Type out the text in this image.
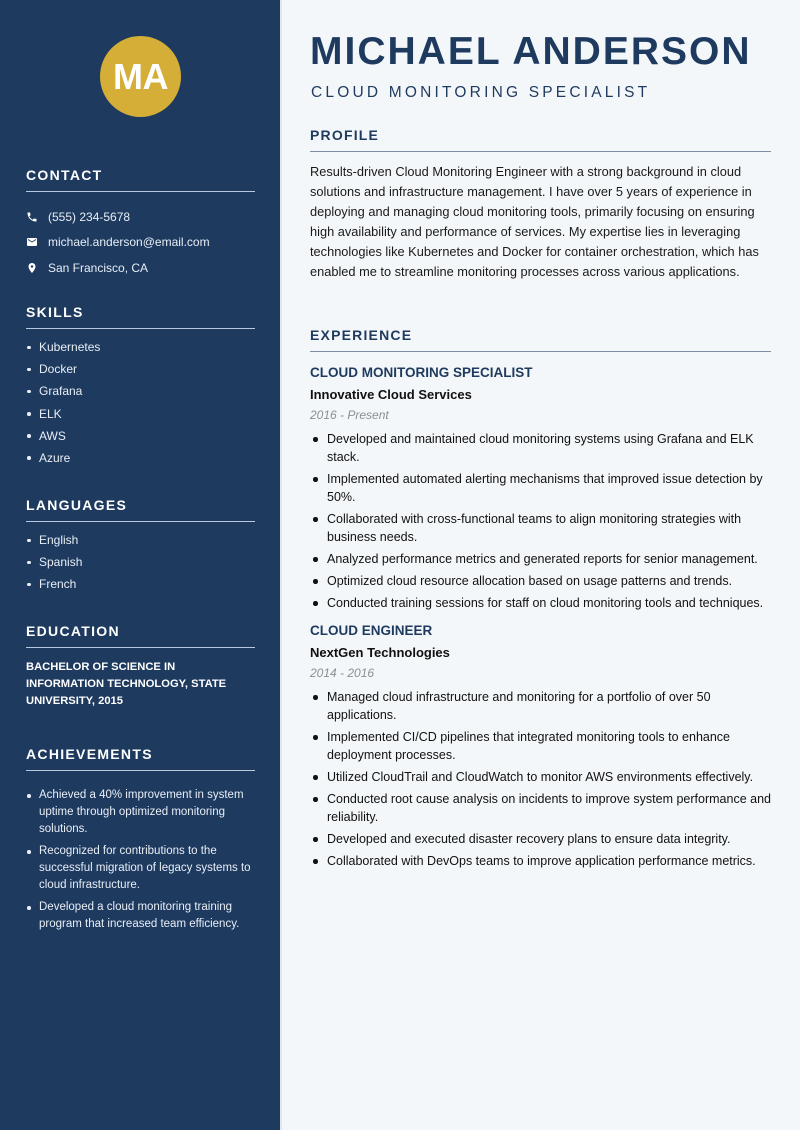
MA
CONTACT
(555) 234-5678
michael.anderson@email.com
San Francisco, CA
SKILLS
Kubernetes
Docker
Grafana
ELK
AWS
Azure
LANGUAGES
English
Spanish
French
EDUCATION

BACHELOR OF SCIENCE IN INFORMATION TECHNOLOGY, STATE UNIVERSITY, 2015

ACHIEVEMENTS
Achieved a 40% improvement in system uptime through optimized monitoring solutions.
Recognized for contributions to the successful migration of legacy systems to cloud infrastructure.
Developed a cloud monitoring training program that increased team efficiency.
MICHAEL ANDERSON
CLOUD MONITORING SPECIALIST
PROFILE

Results-driven Cloud Monitoring Engineer with a strong background in cloud solutions and infrastructure management. I have over 5 years of experience in deploying and managing cloud monitoring tools, primarily focusing on ensuring high availability and performance of services. My expertise lies in leveraging technologies like Kubernetes and Docker for container orchestration, which has enabled me to streamline monitoring processes across various applications.

EXPERIENCE
CLOUD MONITORING SPECIALIST
Innovative Cloud Services
2016 - Present
Developed and maintained cloud monitoring systems using Grafana and ELK stack.
Implemented automated alerting mechanisms that improved issue detection by 50%.
Collaborated with cross-functional teams to align monitoring strategies with business needs.
Analyzed performance metrics and generated reports for senior management.
Optimized cloud resource allocation based on usage patterns and trends.
Conducted training sessions for staff on cloud monitoring tools and techniques.
CLOUD ENGINEER
NextGen Technologies
2014 - 2016
Managed cloud infrastructure and monitoring for a portfolio of over 50 applications.
Implemented CI/CD pipelines that integrated monitoring tools to enhance deployment processes.
Utilized CloudTrail and CloudWatch to monitor AWS environments effectively.
Conducted root cause analysis on incidents to improve system performance and reliability.
Developed and executed disaster recovery plans to ensure data integrity.
Collaborated with DevOps teams to improve application performance metrics.
